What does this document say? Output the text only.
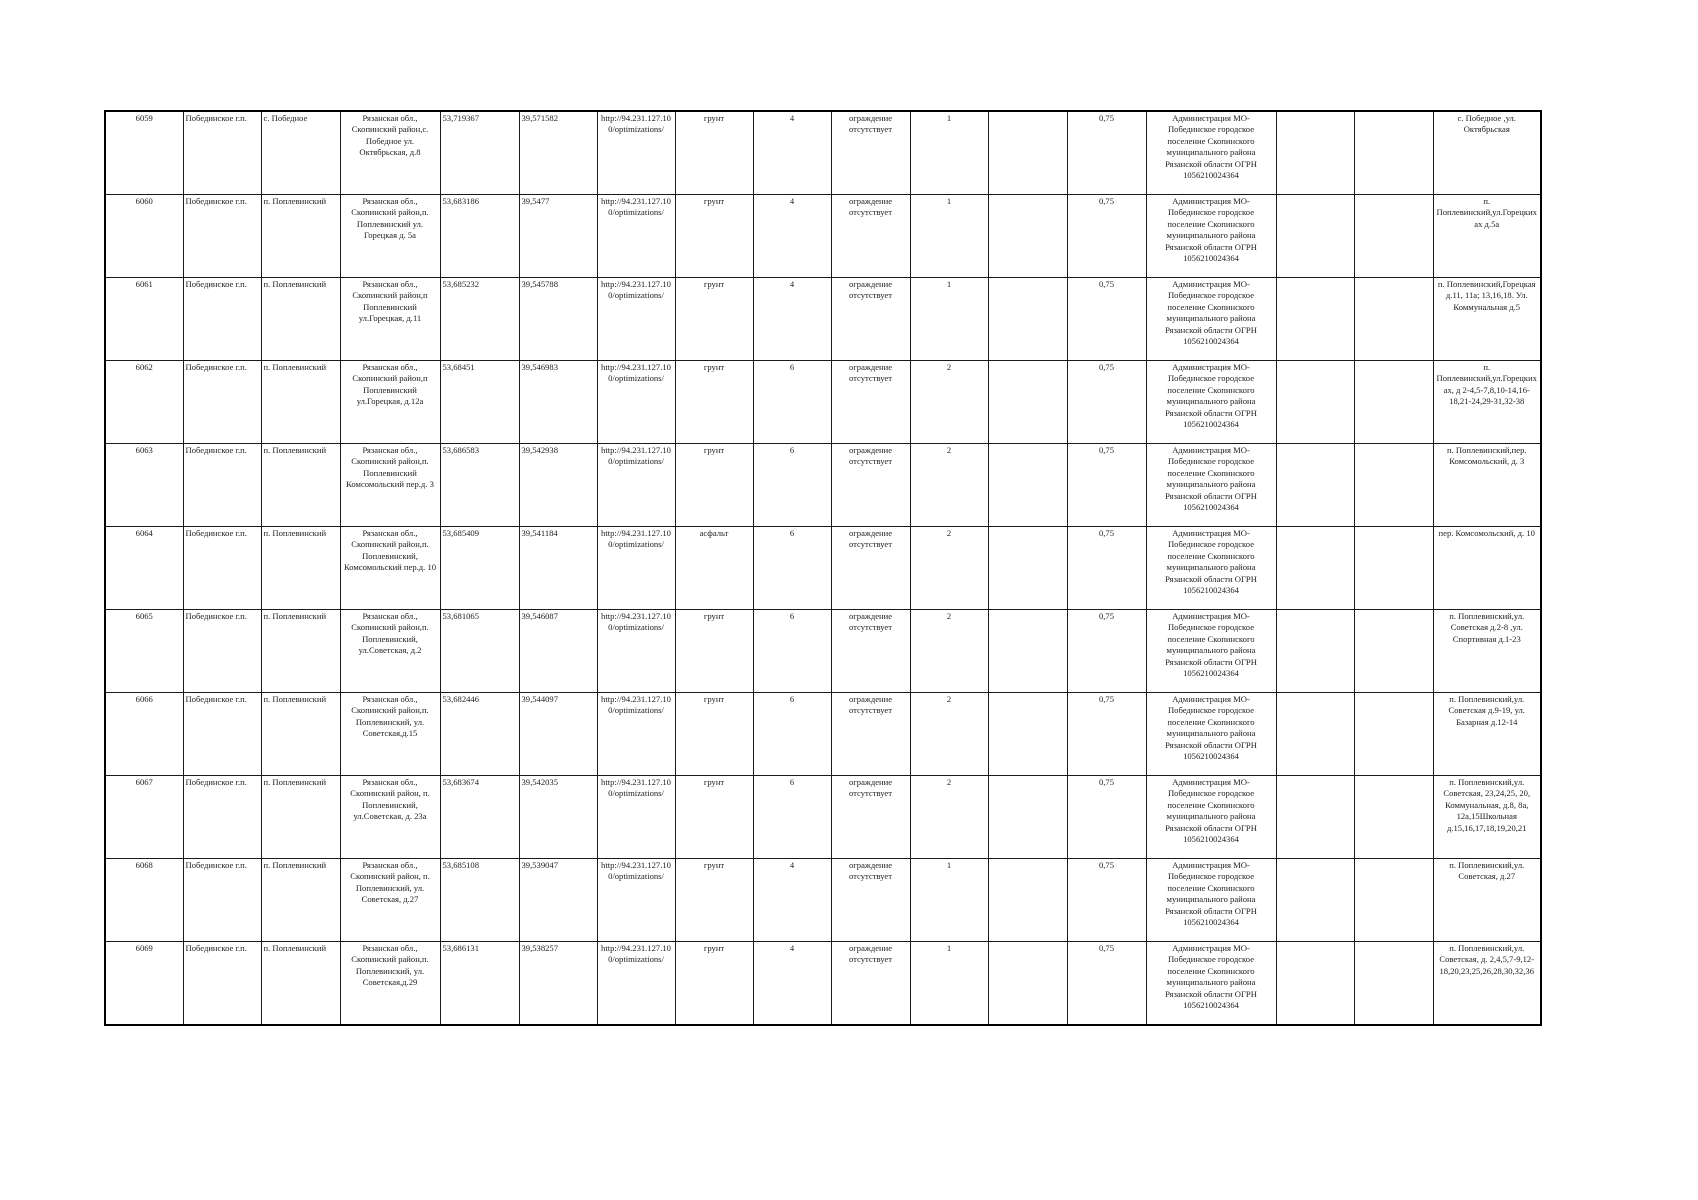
6059	Побединское г.п.	с. Победное	Рязанская обл., Скопинский район,с. Победное ул. Октябрьская, д.8	53,719367	39,571582	http://94.231.127.10 0/optimizations/	грунт	4	ограждение отсутствует	1		0,75	Администрация МО-Побединское городское поселение Скопинского муниципального района Рязанской области ОГРН 1056210024364			с. Победное ,ул. Октябрьская
6060	Побединское г.п.	п. Поплевинский	Рязанская обл., Скопинский район,п. Поплевинский ул. Горецкая д. 5а	53,683186	39,5477	http://94.231.127.10 0/optimizations/	грунт	4	ограждение отсутствует	1		0,75	Администрация МО-Побединское городское поселение Скопинского муниципального района Рязанской области ОГРН 1056210024364			п. Поплевинский,ул.Горецких ах д.5а
6061	Побединское г.п.	п. Поплевинский	Рязанская обл., Скопинский район,п Поплевинский ул.Горецкая, д.11	53,685232	39,545788	http://94.231.127.10 0/optimizations/	грунт	4	ограждение отсутствует	1		0,75	Администрация МО-Побединское городское поселение Скопинского муниципального района Рязанской области ОГРН 1056210024364			п. Поплевинский,Горецкая д.11, 11а; 13,16,18. Ул. Коммунальная д.5
6062	Побединское г.п.	п. Поплевинский	Рязанская обл., Скопинский район,п Поплевинский ул.Горецкая, д.12а	53,68451	39,546983	http://94.231.127.10 0/optimizations/	грунт	6	ограждение отсутствует	2		0,75	Администрация МО-Побединское городское поселение Скопинского муниципального района Рязанской области ОГРН 1056210024364			п. Поплевинский,ул.Горецких ах, д 2-4,5-7,8,10-14,16-18,21-24,29-31,32-38
6063	Побединское г.п.	п. Поплевинский	Рязанская обл., Скопинский район,п. Поплевинский Комсомольский пер.д. 3	53,686583	39,542938	http://94.231.127.10 0/optimizations/	грунт	6	ограждение отсутствует	2		0,75	Администрация МО-Побединское городское поселение Скопинского муниципального района Рязанской области ОГРН 1056210024364			п. Поплевинский,пер. Комсомольский, д. 3
6064	Побединское г.п.	п. Поплевинский	Рязанская обл., Скопинский район,п. Поплевинский, Комсомольский пер.д. 10	53,685409	39,541184	http://94.231.127.10 0/optimizations/	асфальт	6	ограждение отсутствует	2		0,75	Администрация МО-Побединское городское поселение Скопинского муниципального района Рязанской области ОГРН 1056210024364			пер. Комсомольский, д. 10
6065	Побединское г.п.	п. Поплевинский	Рязанская обл., Скопинский район,п. Поплевинский, ул.Советская, д.2	53,681065	39,546087	http://94.231.127.10 0/optimizations/	грунт	6	ограждение отсутствует	2		0,75	Администрация МО-Побединское городское поселение Скопинского муниципального района Рязанской области ОГРН 1056210024364			п. Поплевинский,ул. Советская д.2-8 ,ул. Спортивная д.1-23
6066	Побединское г.п.	п. Поплевинский	Рязанская обл., Скопинский район,п. Поплевинский, ул. Советская,д.15	53,682446	39,544097	http://94.231.127.10 0/optimizations/	грунт	6	ограждение отсутствует	2		0,75	Администрация МО-Побединское городское поселение Скопинского муниципального района Рязанской области ОГРН 1056210024364			п. Поплевинский,ул. Советская д.9-19, ул. Базарная д.12-14
6067	Побединское г.п.	п. Поплевинский	Рязанская обл., Скопинский район, п. Поплевинский, ул.Советская, д. 23а	53,683674	39,542035	http://94.231.127.10 0/optimizations/	грунт	6	ограждение отсутствует	2		0,75	Администрация МО-Побединское городское поселение Скопинского муниципального района Рязанской области ОГРН 1056210024364			п. Поплевинский,ул. Советская, 23,24,25, 20, Коммунальная, д.8, 8а, 12а,15Школьная д.15,16,17,18,19,20,21
6068	Побединское г.п.	п. Поплевинский	Рязанская обл., Скопинский район, п. Поплевинский, ул. Советская, д.27	53,685108	39,539047	http://94.231.127.10 0/optimizations/	грунт	4	ограждение отсутствует	1		0,75	Администрация МО-Побединское городское поселение Скопинского муниципального района Рязанской области ОГРН 1056210024364			п. Поплевинский,ул. Советская, д.27
6069	Побединское г.п.	п. Поплевинский	Рязанская обл., Скопинский район,п. Поплевинский, ул. Советская,д.29	53,686131	39,538257	http://94.231.127.10 0/optimizations/	грунт	4	ограждение отсутствует	1		0,75	Администрация МО-Побединское городское поселение Скопинского муниципального района Рязанской области ОГРН 1056210024364			п. Поплевинский,ул. Советская, д. 2,4,5,7-9,12-18,20,23,25,26,28,30,32,36
